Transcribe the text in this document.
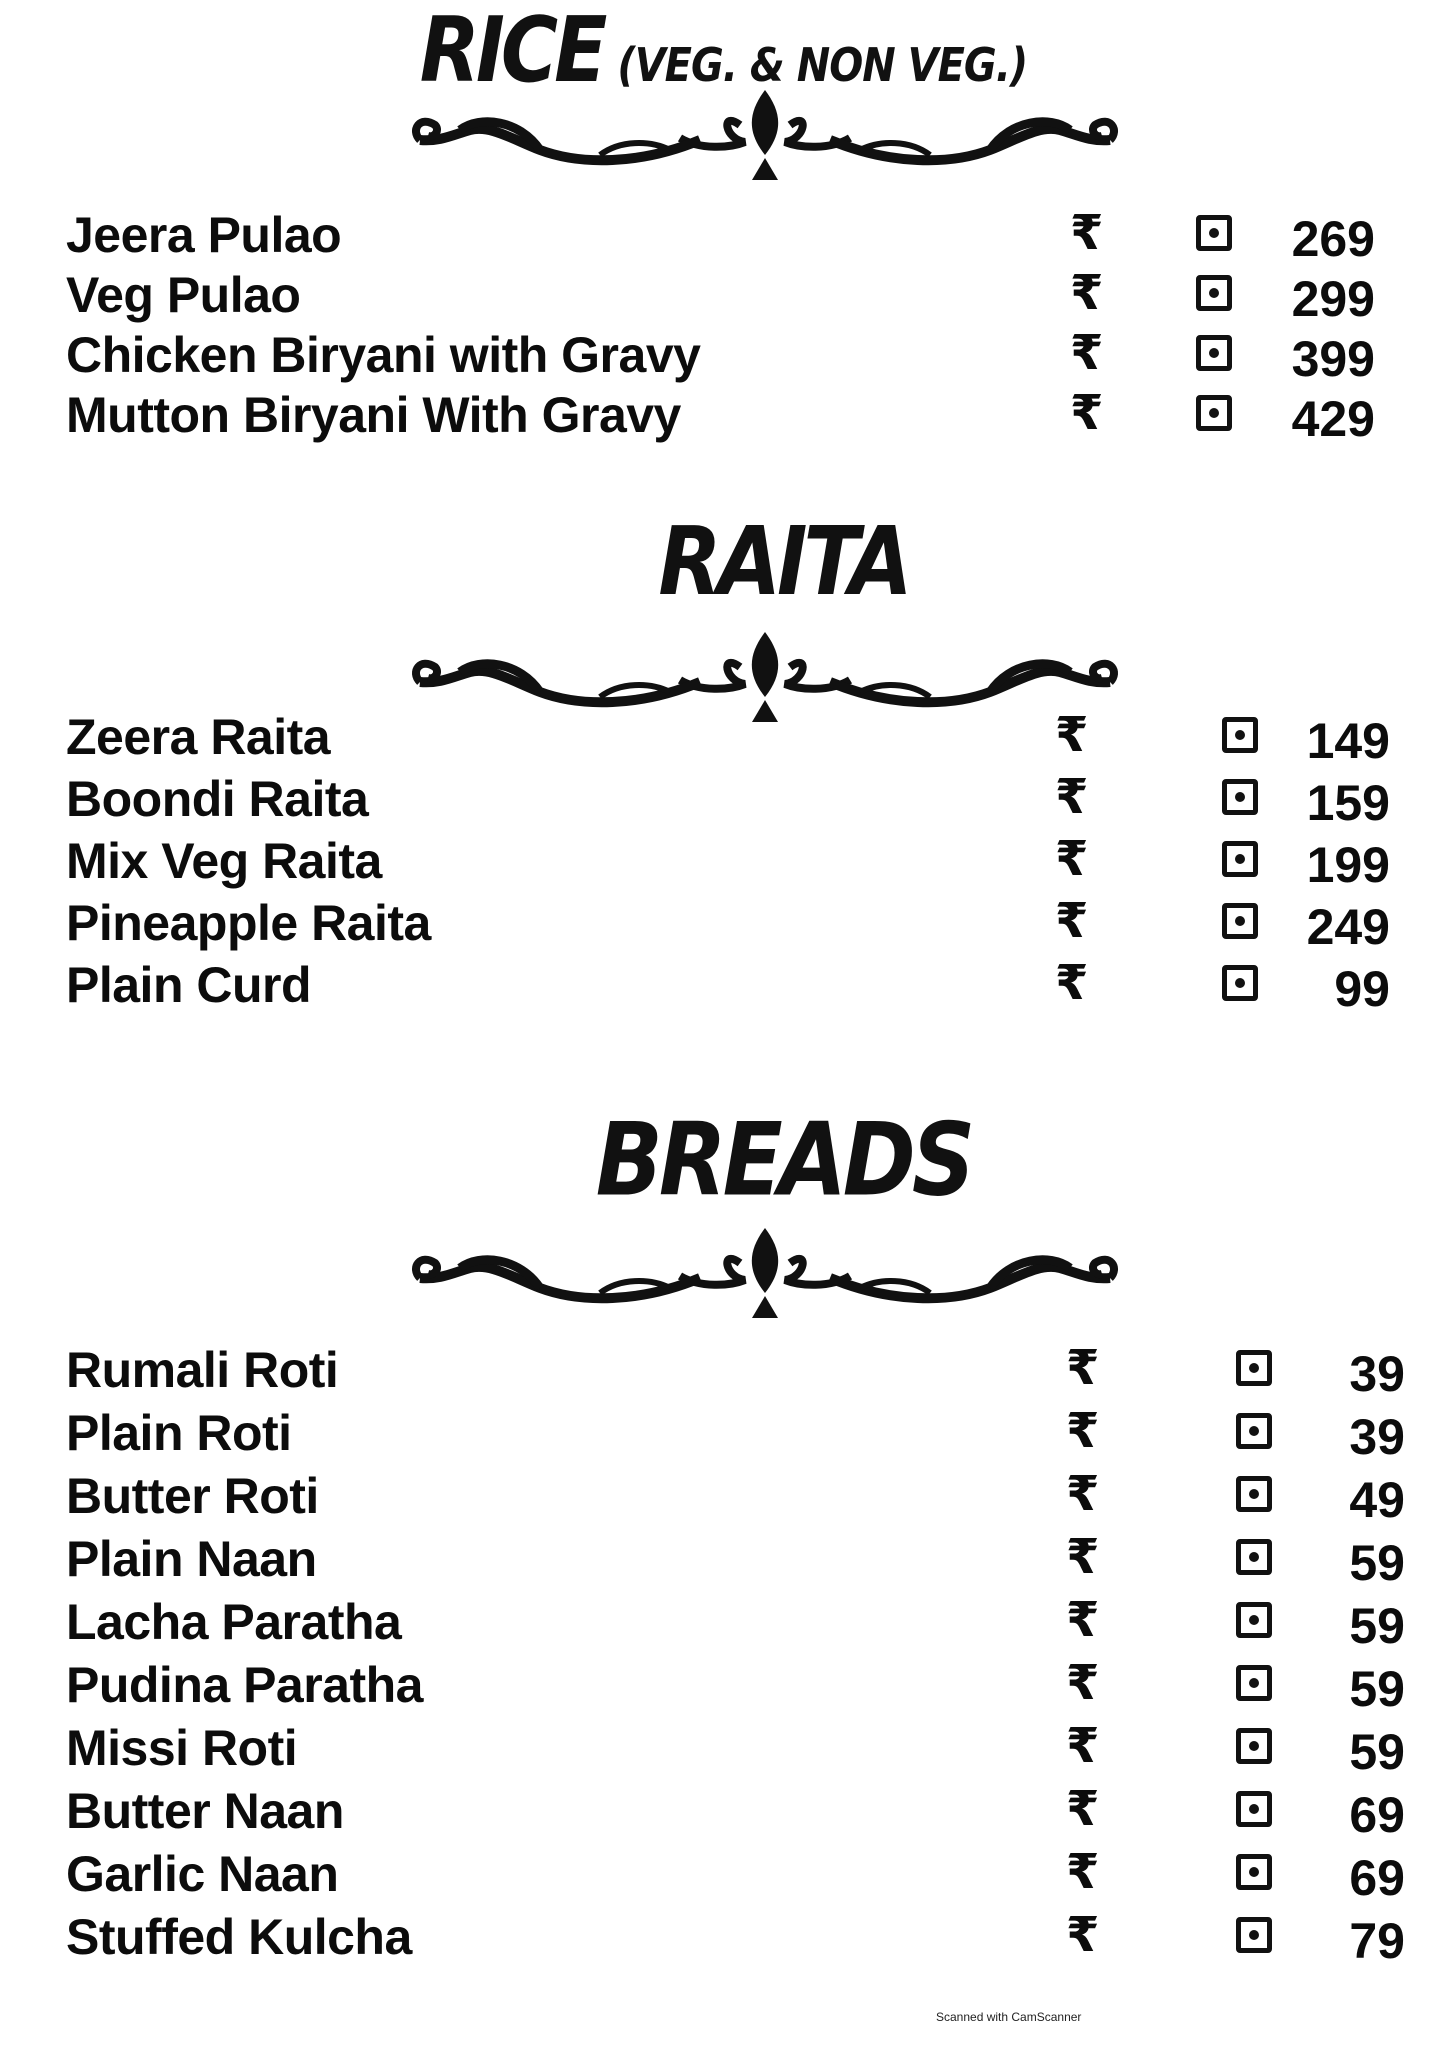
RICE (VEG. & NON VEG.)
Jeera Pulao	₹	269
Veg Pulao	₹	299
Chicken Biryani with Gravy	₹	399
Mutton Biryani With Gravy	₹	429
RAITA
Zeera Raita	₹	149
Boondi Raita	₹	159
Mix Veg Raita	₹	199
Pineapple Raita	₹	249
Plain Curd	₹	99
BREADS
Rumali Roti	₹	39
Plain Roti	₹	39
Butter Roti	₹	49
Plain Naan	₹	59
Lacha Paratha	₹	59
Pudina Paratha	₹	59
Missi Roti	₹	59
Butter Naan	₹	69
Garlic Naan	₹	69
Stuffed Kulcha	₹	79
Scanned with CamScanner
